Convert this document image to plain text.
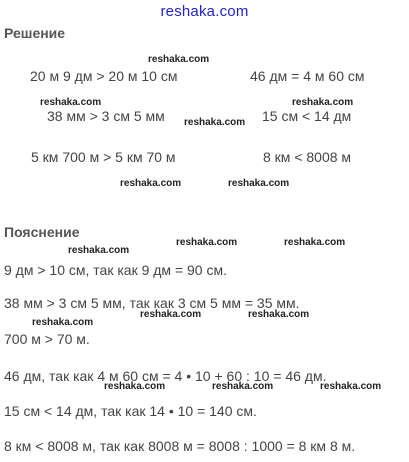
reshaka.com
Решение
20 м 9 дм > 20 м 10 см	46 дм = 4 м 60 см
38 мм > 3 см 5 мм	15 см < 14 дм
5 км 700 м > 5 км 70 м	8 км < 8008 м
Пояснение
9 дм > 10 см, так как 9 дм = 90 см.
38 мм > 3 см 5 мм, так как 3 см 5 мм = 35 мм.
700 м > 70 м.
46 дм, так как 4 м 60 см = 4 • 10 + 60 : 10 = 46 дм.
15 см < 14 дм, так как 14 • 10 = 140 см.
8 км < 8008 м, так как 8008 м = 8008 : 1000 = 8 км 8 м.
reshaka.com
reshaka.com	reshaka.com
reshaka.com
reshaka.com	reshaka.com
reshaka.com	reshaka.com
reshaka.com
reshaka.com	reshaka.com
reshaka.com
reshaka.com	reshaka.com	reshaka.com
